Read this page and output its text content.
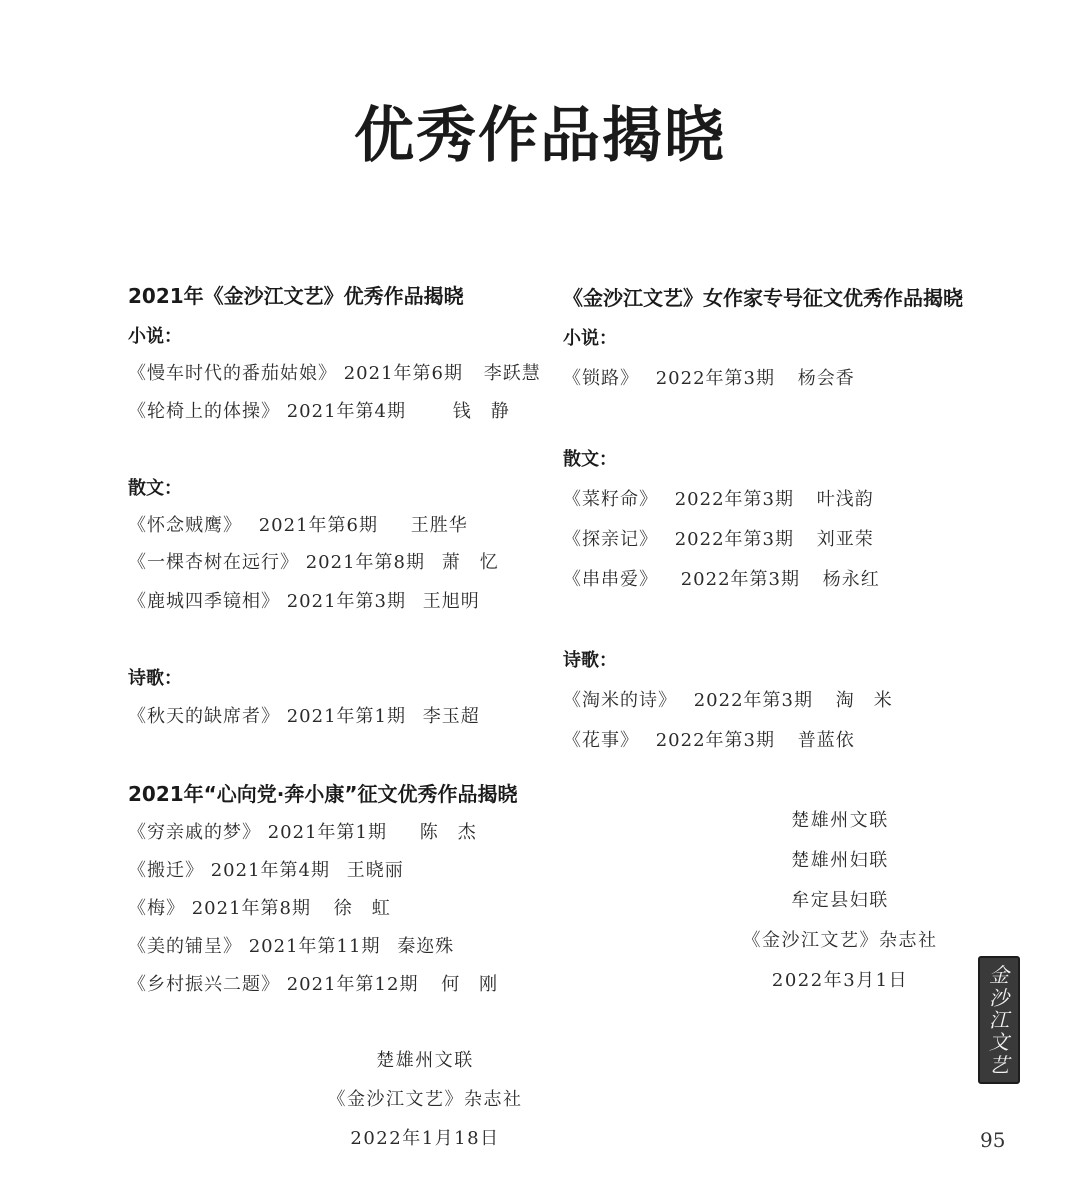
优秀作品揭晓
2021年《金沙江文艺》优秀作品揭晓
小说：
《慢车时代的番茄姑娘》 2021年第6期 李跃慧
《轮椅上的体操》 2021年第4期	钱　静
散文：
《怀念贼鹰》 2021年第6期 王胜华
《一棵杏树在远行》 2021年第8期 萧　忆
《鹿城四季镜相》 2021年第3期 王旭明
诗歌：
《秋天的缺席者》 2021年第1期 李玉超
2021年“心向党·奔小康”征文优秀作品揭晓
《穷亲戚的梦》 2021年第1期 陈　杰
《搬迁》 2021年第4期 王晓丽
《梅》 2021年第8期 徐　虹
《美的铺呈》 2021年第11期 秦迩殊
《乡村振兴二题》 2021年第12期 何　刚
楚雄州文联
《金沙江文艺》杂志社
2022年1月18日
《金沙江文艺》女作家专号征文优秀作品揭晓
小说：
《锁路》 2022年第3期 杨会香
散文：
《菜籽命》 2022年第3期 叶浅韵
《探亲记》 2022年第3期 刘亚荣
《串串爱》 2022年第3期 杨永红
诗歌：
《淘米的诗》 2022年第3期 淘　米
《花事》 2022年第3期 普蓝依
楚雄州文联
楚雄州妇联
牟定县妇联
《金沙江文艺》杂志社
2022年3月1日	金
沙
江
文
艺
95
